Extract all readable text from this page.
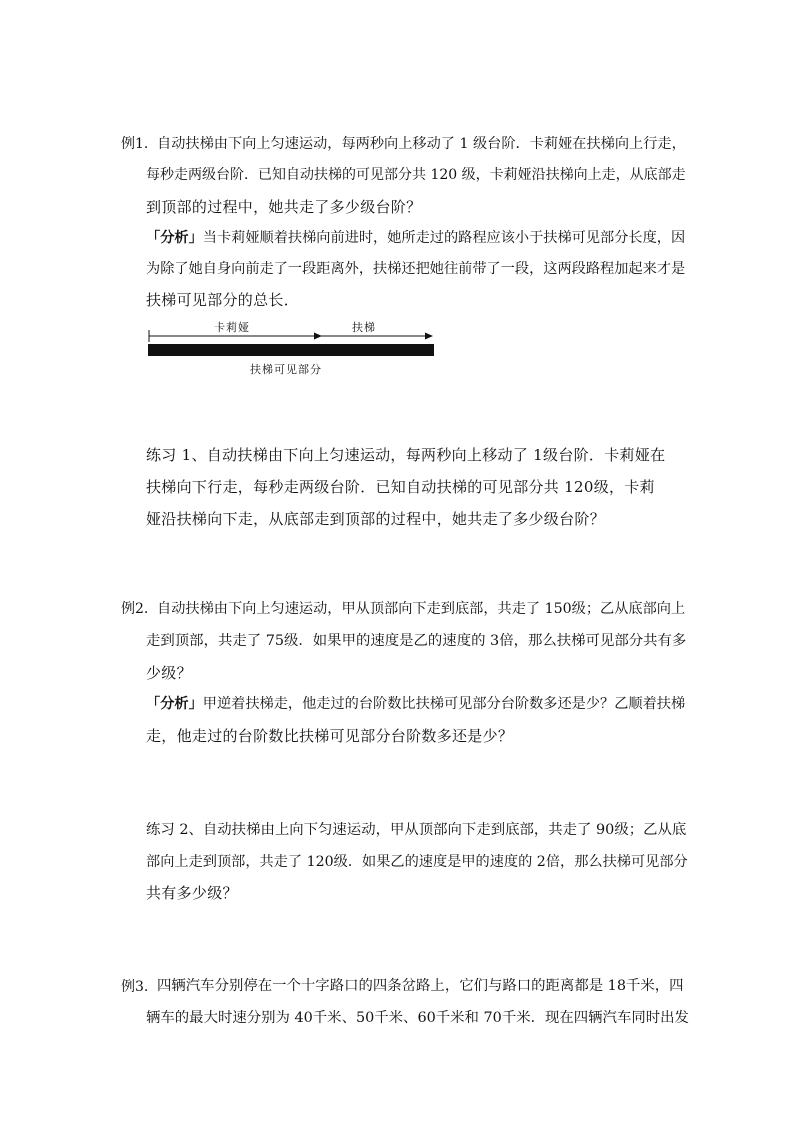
例1. 自动扶梯由下向上匀速运动，每两秒向上移动了 1 级台阶．卡莉娅在扶梯向上行走，
每秒走两级台阶．已知自动扶梯的可见部分共 120 级，卡莉娅沿扶梯向上走，从底部走
到顶部的过程中，她共走了多少级台阶？
「分析」当卡莉娅顺着扶梯向前进时，她所走过的路程应该小于扶梯可见部分长度，因
为除了她自身向前走了一段距离外，扶梯还把她往前带了一段，这两段路程加起来才是
扶梯可见部分的总长．
卡莉娅	扶梯
扶梯可见部分
练习 1、自动扶梯由下向上匀速运动，每两秒向上移动了 1级台阶．卡莉娅在
扶梯向下行走，每秒走两级台阶．已知自动扶梯的可见部分共 120级，卡莉
娅沿扶梯向下走，从底部走到顶部的过程中，她共走了多少级台阶？
例2. 自动扶梯由下向上匀速运动，甲从顶部向下走到底部，共走了 150级；乙从底部向上
走到顶部，共走了 75级．如果甲的速度是乙的速度的 3倍，那么扶梯可见部分共有多
少级？
「分析」甲逆着扶梯走，他走过的台阶数比扶梯可见部分台阶数多还是少？乙顺着扶梯
走，他走过的台阶数比扶梯可见部分台阶数多还是少？
练习 2、自动扶梯由上向下匀速运动，甲从顶部向下走到底部，共走了 90级；乙从底
部向上走到顶部，共走了 120级．如果乙的速度是甲的速度的 2倍，那么扶梯可见部分
共有多少级？
例3. 四辆汽车分别停在一个十字路口的四条岔路上，它们与路口的距离都是 18千米，四
辆车的最大时速分别为 40千米、50千米、60千米和 70千米．现在四辆汽车同时出发
